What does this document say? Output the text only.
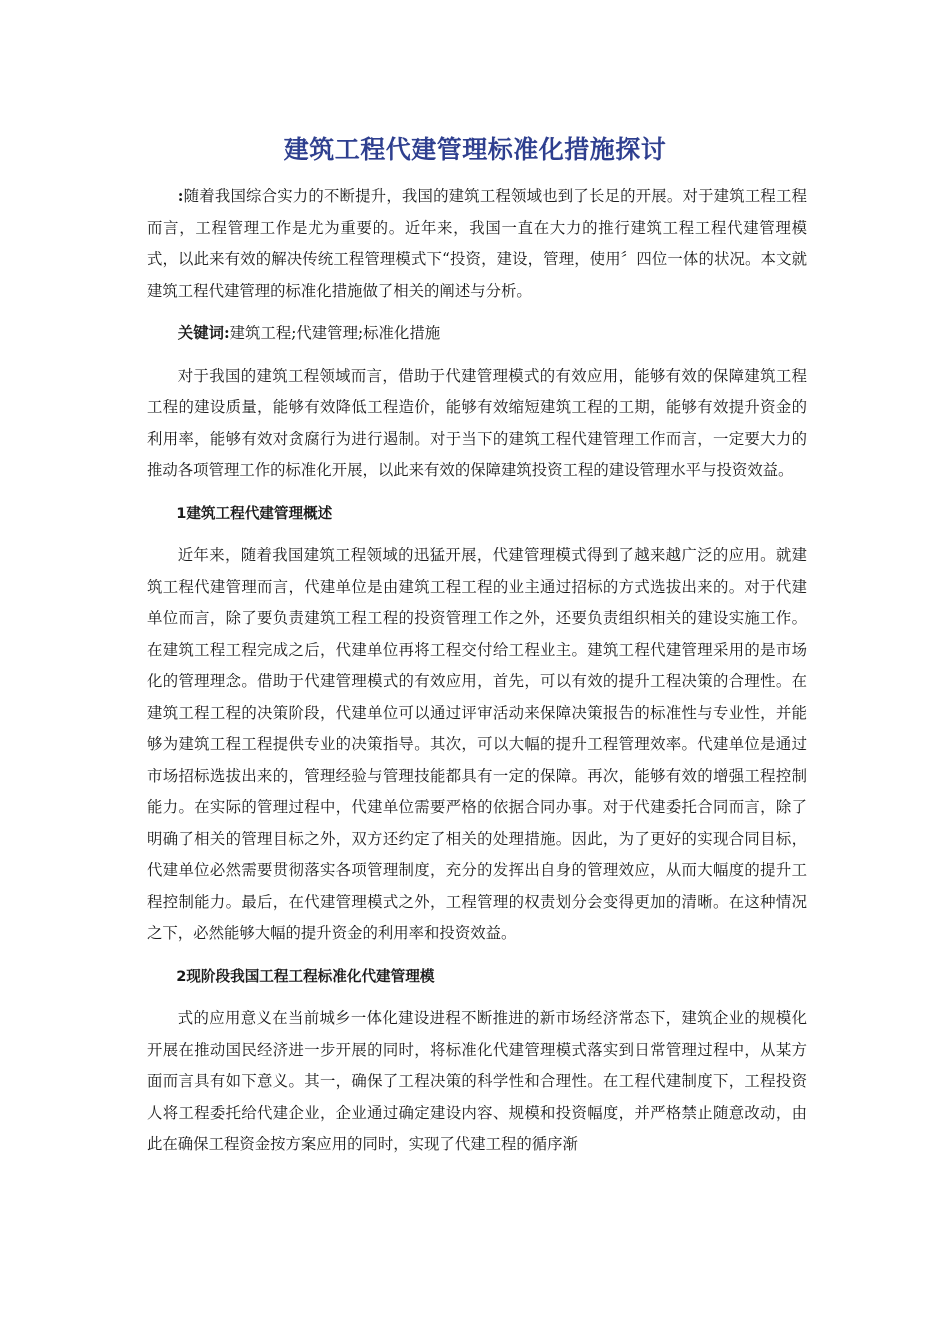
建筑工程代建管理标准化措施探讨

:随着我国综合实力的不断提升，我国的建筑工程领域也到了长足的开展。对于建筑工程工程而言，工程管理工作是尤为重要的。近年来，我国一直在大力的推行建筑工程工程代建管理模式，以此来有效的解决传统工程管理模式下“投资，建设，管理，使用〞四位一体的状况。本文就建筑工程代建管理的标准化措施做了相关的阐述与分析。

关键词:建筑工程;代建管理;标准化措施

对于我国的建筑工程领域而言，借助于代建管理模式的有效应用，能够有效的保障建筑工程工程的建设质量，能够有效降低工程造价，能够有效缩短建筑工程的工期，能够有效提升资金的利用率，能够有效对贪腐行为进行遏制。对于当下的建筑工程代建管理工作而言，一定要大力的推动各项管理工作的标准化开展，以此来有效的保障建筑投资工程的建设管理水平与投资效益。

1建筑工程代建管理概述

近年来，随着我国建筑工程领域的迅猛开展，代建管理模式得到了越来越广泛的应用。就建筑工程代建管理而言，代建单位是由建筑工程工程的业主通过招标的方式选拔出来的。对于代建单位而言，除了要负责建筑工程工程的投资管理工作之外，还要负责组织相关的建设实施工作。在建筑工程工程完成之后，代建单位再将工程交付给工程业主。建筑工程代建管理采用的是市场化的管理理念。借助于代建管理模式的有效应用，首先，可以有效的提升工程决策的合理性。在建筑工程工程的决策阶段，代建单位可以通过评审活动来保障决策报告的标准性与专业性，并能够为建筑工程工程提供专业的决策指导。其次，可以大幅的提升工程管理效率。代建单位是通过市场招标选拔出来的，管理经验与管理技能都具有一定的保障。再次，能够有效的增强工程控制能力。在实际的管理过程中，代建单位需要严格的依据合同办事。对于代建委托合同而言，除了明确了相关的管理目标之外，双方还约定了相关的处理措施。因此，为了更好的实现合同目标，代建单位必然需要贯彻落实各项管理制度，充分的发挥出自身的管理效应，从而大幅度的提升工程控制能力。最后，在代建管理模式之外，工程管理的权责划分会变得更加的清晰。在这种情况之下，必然能够大幅的提升资金的利用率和投资效益。

2现阶段我国工程工程标准化代建管理模

式的应用意义在当前城乡一体化建设进程不断推进的新市场经济常态下，建筑企业的规模化开展在推动国民经济进一步开展的同时，将标准化代建管理模式落实到日常管理过程中，从某方面而言具有如下意义。其一，确保了工程决策的科学性和合理性。在工程代建制度下，工程投资人将工程委托给代建企业，企业通过确定建设内容、规模和投资幅度，并严格禁止随意改动，由此在确保工程资金按方案应用的同时，实现了代建工程的循序渐
